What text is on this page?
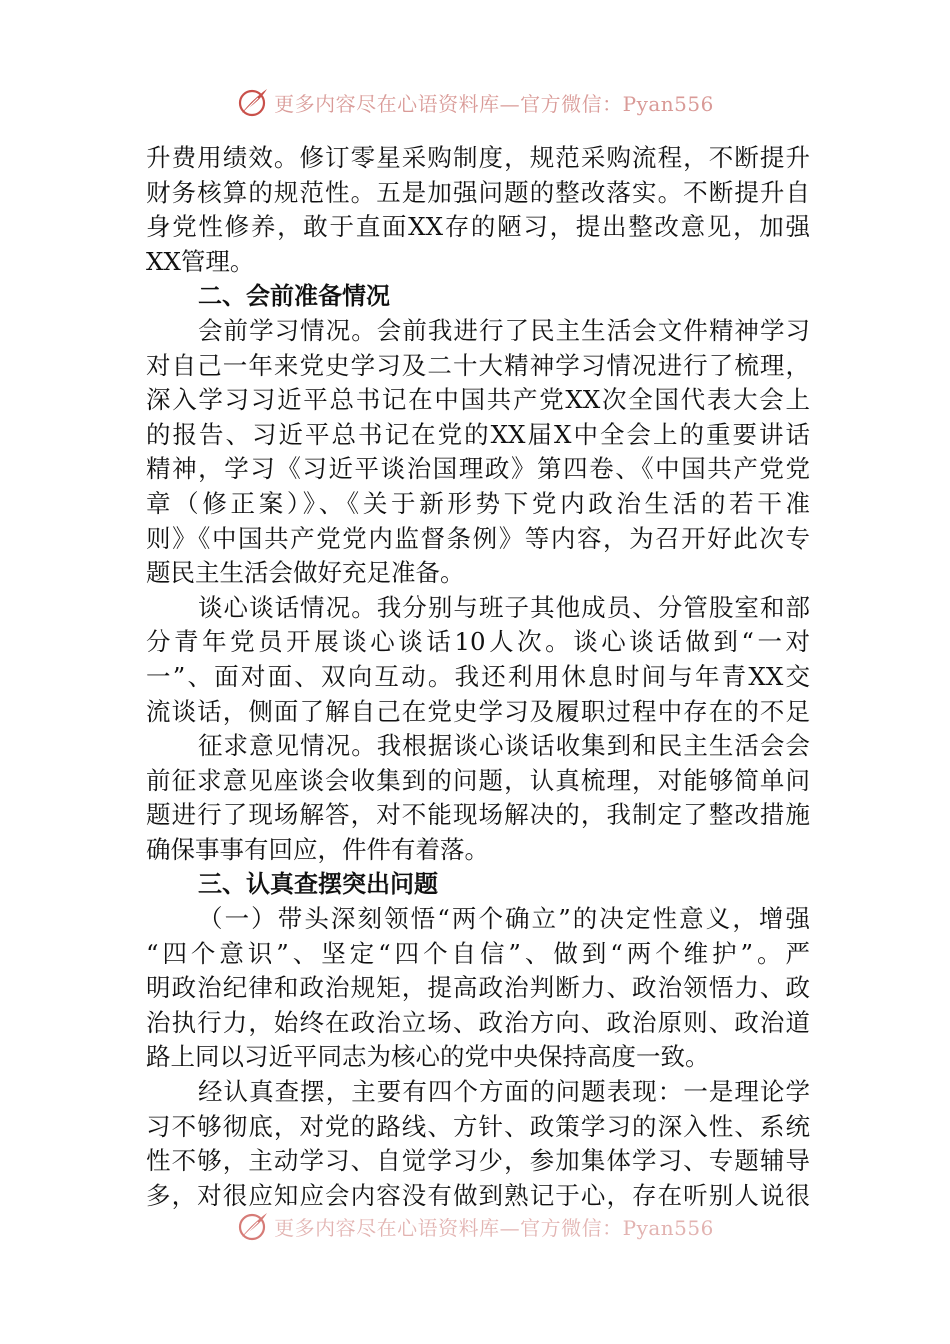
更多内容尽在心语资料库—官方微信：Pyan556

升费用绩效。修订零星采购制度，规范采购流程，不断提升

财务核算的规范性。五是加强问题的整改落实。不断提升自

身党性修养，敢于直面XX存的陋习，提出整改意见，加强

XX管理。

二、会前准备情况

会前学习情况。会前我进行了民主生活会文件精神学习

对自己一年来党史学习及二十大精神学习情况进行了梳理，

深入学习习近平总书记在中国共产党XX次全国代表大会上

的报告、习近平总书记在党的XX届X中全会上的重要讲话

精神，学习《习近平谈治国理政》第四卷、《中国共产党党

章（修正案）》、《关于新形势下党内政治生活的若干准

则》《中国共产党党内监督条例》等内容，为召开好此次专

题民主生活会做好充足准备。

谈心谈话情况。我分别与班子其他成员、分管股室和部

分青年党员开展谈心谈话10人次。谈心谈话做到“一对

一”、面对面、双向互动。我还利用休息时间与年青XX交

流谈话，侧面了解自己在党史学习及履职过程中存在的不足

征求意见情况。我根据谈心谈话收集到和民主生活会会

前征求意见座谈会收集到的问题，认真梳理，对能够简单问

题进行了现场解答，对不能现场解决的，我制定了整改措施

确保事事有回应，件件有着落。

三、认真查摆突出问题

（一）带头深刻领悟“两个确立”的决定性意义，增强

“四个意识”、坚定“四个自信”、做到“两个维护”。严

明政治纪律和政治规矩，提高政治判断力、政治领悟力、政

治执行力，始终在政治立场、政治方向、政治原则、政治道

路上同以习近平同志为核心的党中央保持高度一致。

经认真查摆，主要有四个方面的问题表现：一是理论学

习不够彻底，对党的路线、方针、政策学习的深入性、系统

性不够，主动学习、自觉学习少，参加集体学习、专题辅导

多，对很应知应会内容没有做到熟记于心，存在听别人说很

更多内容尽在心语资料库—官方微信：Pyan556
